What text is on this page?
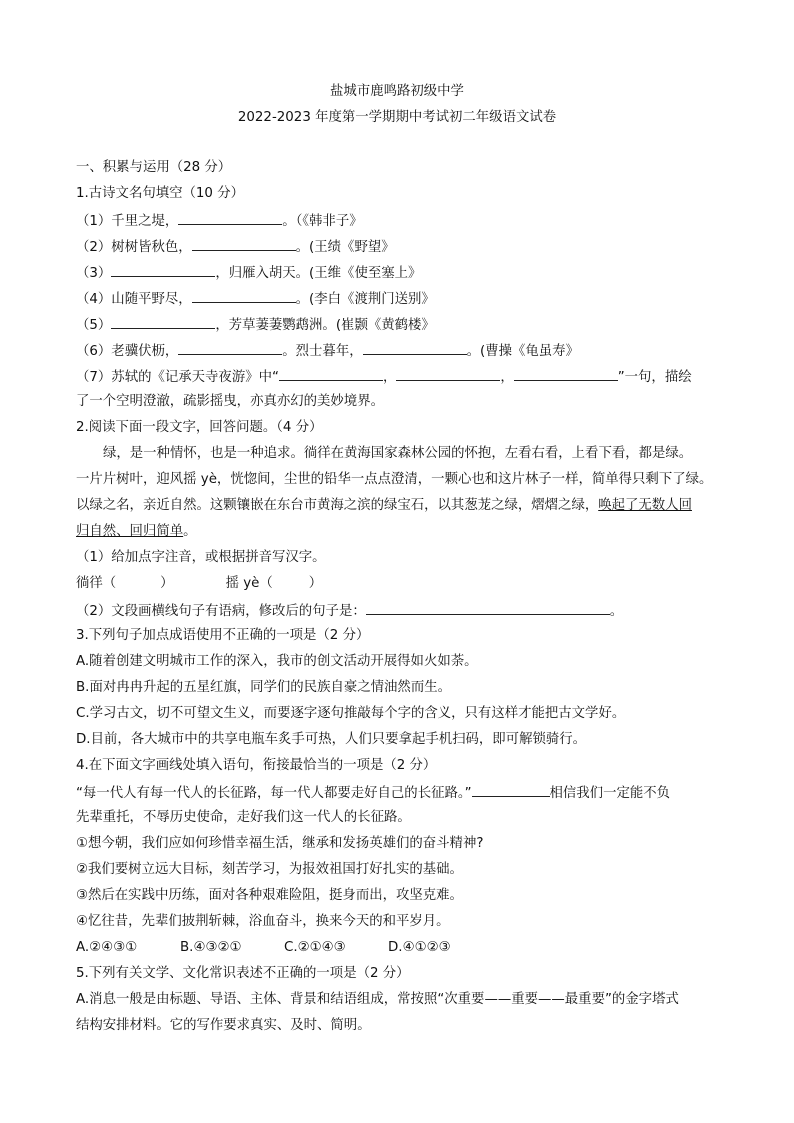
盐城市鹿鸣路初级中学
2022-2023 年度第一学期期中考试初二年级语文试卷
一、积累与运用（28 分）
1.古诗文名句填空（10 分）
（1）千里之堤，	。（《韩非子》
（2）树树皆秋色，	。(王绩《野望》
（3）	，归雁入胡天。(王维《使至塞上》
（4）山随平野尽，	。(李白《渡荆门送别》
（5）	，芳草萋萋鹦鹉洲。(崔颢《黄鹤楼》
（6）老骥伏枥，	。烈士暮年，	。(曹操《龟虽寿》
（7）苏轼的《记承天寺夜游》中“	，	，	”一句，描绘
了一个空明澄澈，疏影摇曳，亦真亦幻的美妙境界。
2.阅读下面一段文字，回答问题。（4 分）
绿，是一种情怀，也是一种追求。徜徉在黄海国家森林公园的怀抱，左看右看，上看下看，都是绿。
一片片树叶，迎风摇 yè，恍惚间，尘世的铅华一点点澄清，一颗心也和这片林子一样，简单得只剩下了绿。
以绿之名，亲近自然。这颗镶嵌在东台市黄海之滨的绿宝石，以其葱茏之绿，熠熠之绿，唤起了无数人回
归自然、回归简单。
（1）给加点字注音，或根据拼音写汉字。
徜徉（	）	摇 yè（	）
（2）文段画横线句子有语病，修改后的句子是：	。
3.下列句子加点成语使用不正确的一项是（2 分）
A.随着创建文明城市工作的深入，我市的创文活动开展得如火如荼。
B.面对冉冉升起的五星红旗，同学们的民族自豪之情油然而生。
C.学习古文，切不可望文生义，而要逐字逐句推敲每个字的含义，只有这样才能把古文学好。
D.目前，各大城市中的共享电瓶车炙手可热，人们只要拿起手机扫码，即可解锁骑行。
4.在下面文字画线处填入语句，衔接最恰当的一项是（2 分）
“每一代人有每一代人的长征路，每一代人都要走好自己的长征路。”	相信我们一定能不负
先辈重托，不辱历史使命，走好我们这一代人的长征路。
①想今朝，我们应如何珍惜幸福生活，继承和发扬英雄们的奋斗精神?
②我们要树立远大目标，刻苦学习，为报效祖国打好扎实的基础。
③然后在实践中历练，面对各种艰难险阻，挺身而出，攻坚克难。
④忆往昔，先辈们披荆斩棘，浴血奋斗，换来今天的和平岁月。
A.②④③①	B.④③②①	C.②①④③	D.④①②③
5.下列有关文学、文化常识表述不正确的一项是（2 分）
A.消息一般是由标题、导语、主体、背景和结语组成，常按照“次重要——重要——最重要”的金字塔式
结构安排材料。它的写作要求真实、及时、简明。
